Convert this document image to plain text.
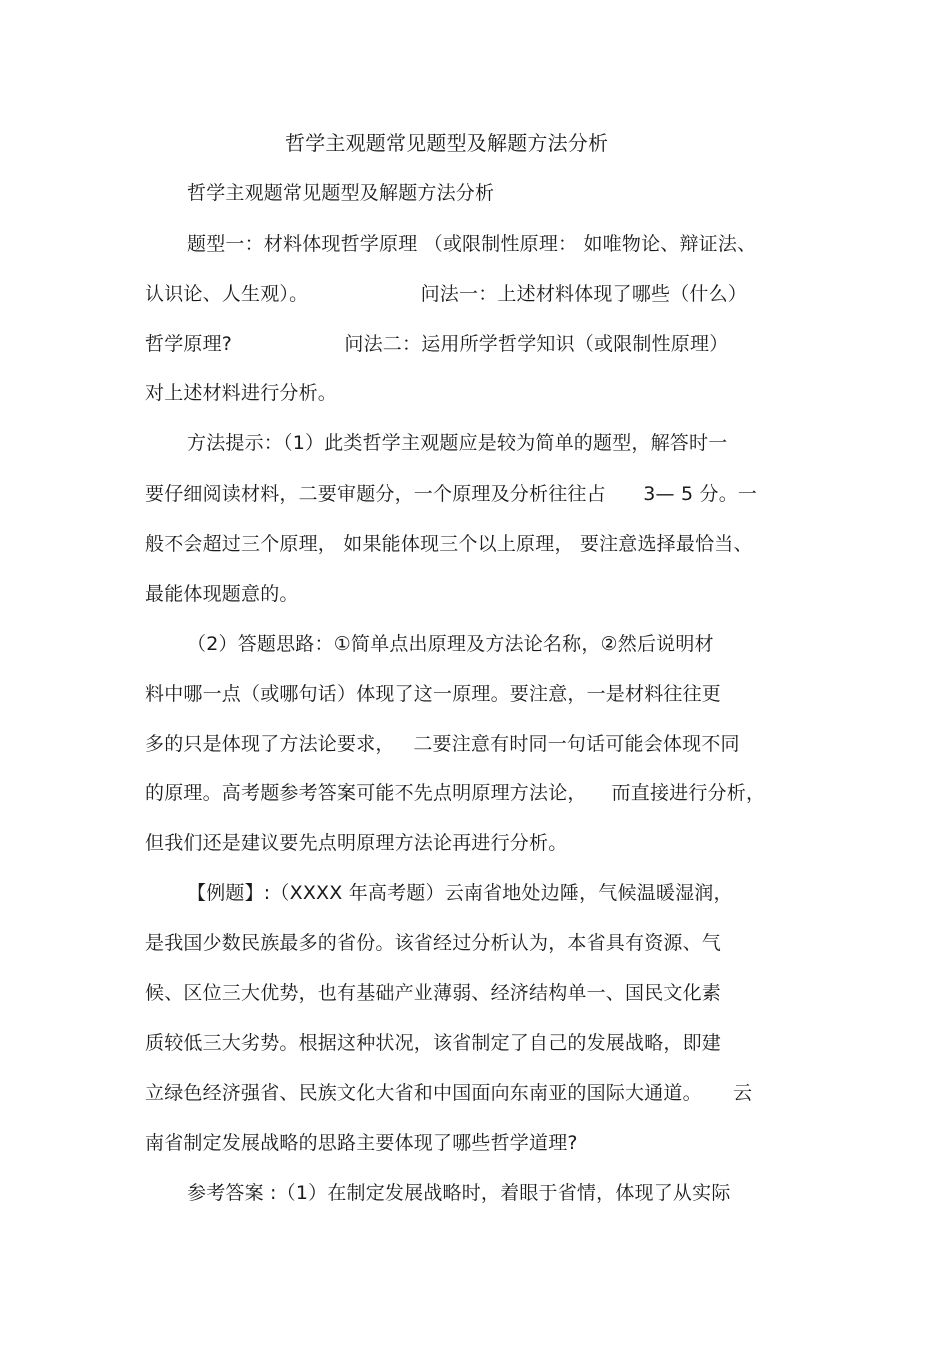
哲学主观题常见题型及解题方法分析
哲学主观题常见题型及解题方法分析
题型一：材料体现哲学原理 （或限制性原理： 如唯物论、辩证法、
认识论、人生观）。                  问法一：上述材料体现了哪些（什么）
哲学原理?                  问法二：运用所学哲学知识（或限制性原理）
对上述材料进行分析。
方法提示：（1）此类哲学主观题应是较为简单的题型，解答时一
要仔细阅读材料，二要审题分，一个原理及分析往往占      3— 5 分。一
般不会超过三个原理， 如果能体现三个以上原理， 要注意选择最恰当、
最能体现题意的。
（2）答题思路：①简单点出原理及方法论名称，②然后说明材
料中哪一点（或哪句话）体现了这一原理。要注意，一是材料往往更
多的只是体现了方法论要求，   二要注意有时同一句话可能会体现不同
的原理。高考题参考答案可能不先点明原理方法论，    而直接进行分析，
但我们还是建议要先点明原理方法论再进行分析。
【例题】:（XXXX 年高考题）云南省地处边陲，气候温暖湿润，
是我国少数民族最多的省份。该省经过分析认为，本省具有资源、气
候、区位三大优势，也有基础产业薄弱、经济结构单一、国民文化素
质较低三大劣势。根据这种状况，该省制定了自己的发展战略，即建
立绿色经济强省、民族文化大省和中国面向东南亚的国际大通道。     云
南省制定发展战略的思路主要体现了哪些哲学道理?
参考答案 :（1）在制定发展战略时，着眼于省情，体现了从实际
